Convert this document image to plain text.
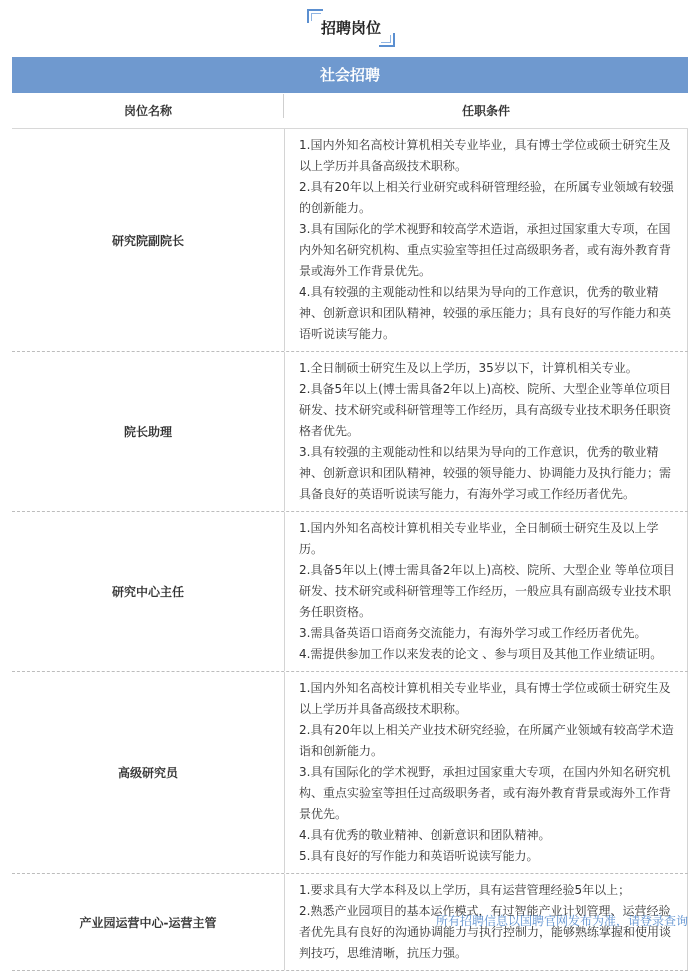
招聘岗位
社会招聘
岗位名称	任职条件
研究院副院长
1.国内外知名高校计算机相关专业毕业，具有博士学位或硕士研究生及以上学历并具备高级技术职称。
2.具有20年以上相关行业研究或科研管理经验，在所属专业领域有较强的创新能力。
3.具有国际化的学术视野和较高学术造诣，承担过国家重大专项，在国内外知名研究机构、重点实验室等担任过高级职务者，或有海外教育背景或海外工作背景优先。
4.具有较强的主观能动性和以结果为导向的工作意识，优秀的敬业精神、创新意识和团队精神，较强的承压能力；具有良好的写作能力和英语听说读写能力。
院长助理
1.全日制硕士研究生及以上学历，35岁以下，计算机相关专业。
2.具备5年以上(博士需具备2年以上)高校、院所、大型企业等单位项目研发、技术研究或科研管理等工作经历，具有高级专业技术职务任职资格者优先。
3.具有较强的主观能动性和以结果为导向的工作意识，优秀的敬业精神、创新意识和团队精神，较强的领导能力、协调能力及执行能力；需具备良好的英语听说读写能力，有海外学习或工作经历者优先。
研究中心主任
1.国内外知名高校计算机相关专业毕业，全日制硕士研究生及以上学历。
2.具备5年以上(博士需具备2年以上)高校、院所、大型企业 等单位项目研发、技术研究或科研管理等工作经历，一般应具有副高级专业技术职务任职资格。
3.需具备英语口语商务交流能力，有海外学习或工作经历者优先。
4.需提供参加工作以来发表的论文 、参与项目及其他工作业绩证明。
高级研究员
1.国内外知名高校计算机相关专业毕业，具有博士学位或硕士研究生及以上学历并具备高级技术职称。
2.具有20年以上相关产业技术研究经验，在所属产业领域有较高学术造诣和创新能力。
3.具有国际化的学术视野，承担过国家重大专项，在国内外知名研究机构、重点实验室等担任过高级职务者，或有海外教育背景或海外工作背景优先。
4.具有优秀的敬业精神、创新意识和团队精神。
5.具有良好的写作能力和英语听说读写能力。
产业园运营中心-运营主管
1.要求具有大学本科及以上学历，具有运营管理经验5年以上；
2.熟悉产业园项目的基本运作模式，有过智能产业计划管理、运营经验者优先具有良好的沟通协调能力与执行控制力，能够熟练掌握和使用谈判技巧，思维清晰，抗压力强。
所有招聘信息以国聘官网发布为准，请登录查询
